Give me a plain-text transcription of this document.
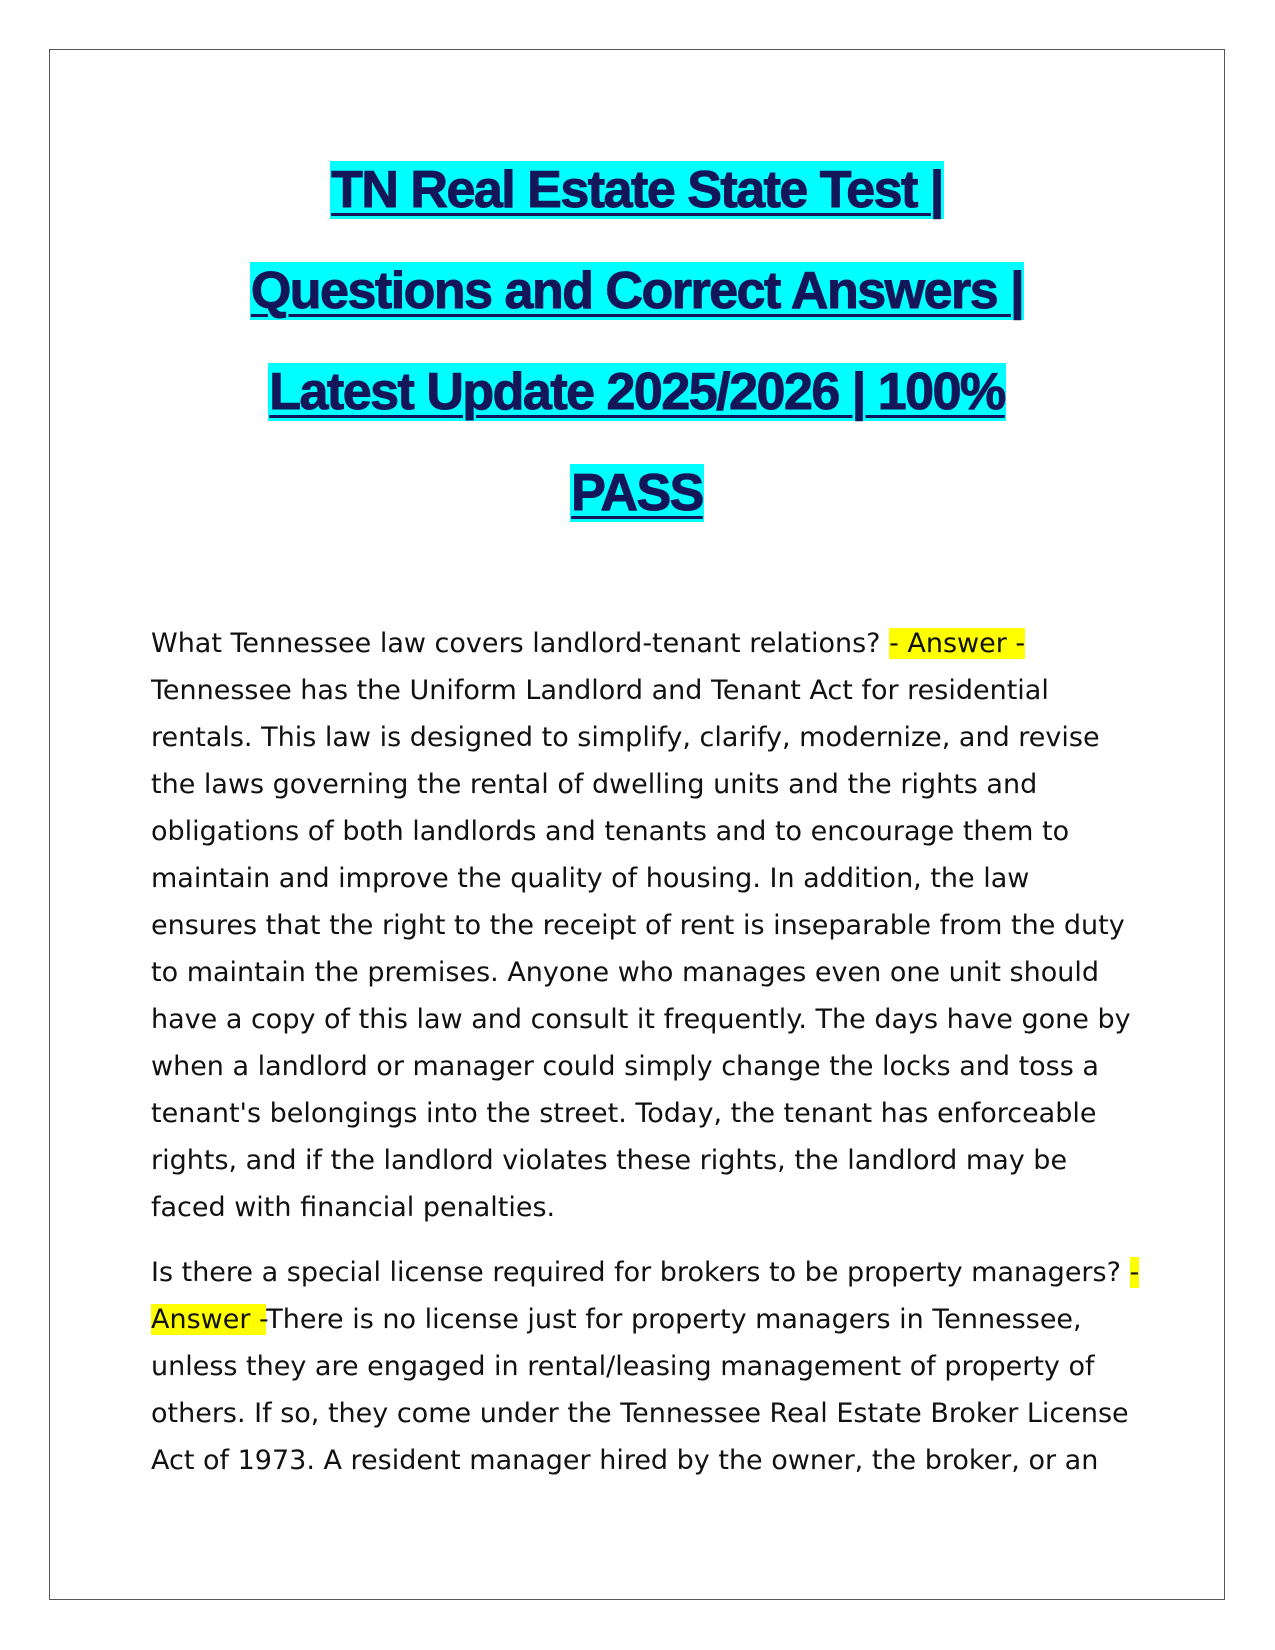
TN Real Estate State Test |
Questions and Correct Answers |
Latest Update 2025/2026 | 100%
PASS

What Tennessee law covers landlord-tenant relations? - Answer - Tennessee has the Uniform Landlord and Tenant Act for residential rentals. This law is designed to simplify, clarify, modernize, and revise the laws governing the rental of dwelling units and the rights and obligations of both landlords and tenants and to encourage them to maintain and improve the quality of housing. In addition, the law ensures that the right to the receipt of rent is inseparable from the duty to maintain the premises. Anyone who manages even one unit should have a copy of this law and consult it frequently. The days have gone by when a landlord or manager could simply change the locks and toss a tenant's belongings into the street. Today, the tenant has enforceable rights, and if the landlord violates these rights, the landlord may be faced with financial penalties.

Is there a special license required for brokers to be property managers? - Answer -There is no license just for property managers in Tennessee, unless they are engaged in rental/leasing management of property of others. If so, they come under the Tennessee Real Estate Broker License Act of 1973. A resident manager hired by the owner, the broker, or an
